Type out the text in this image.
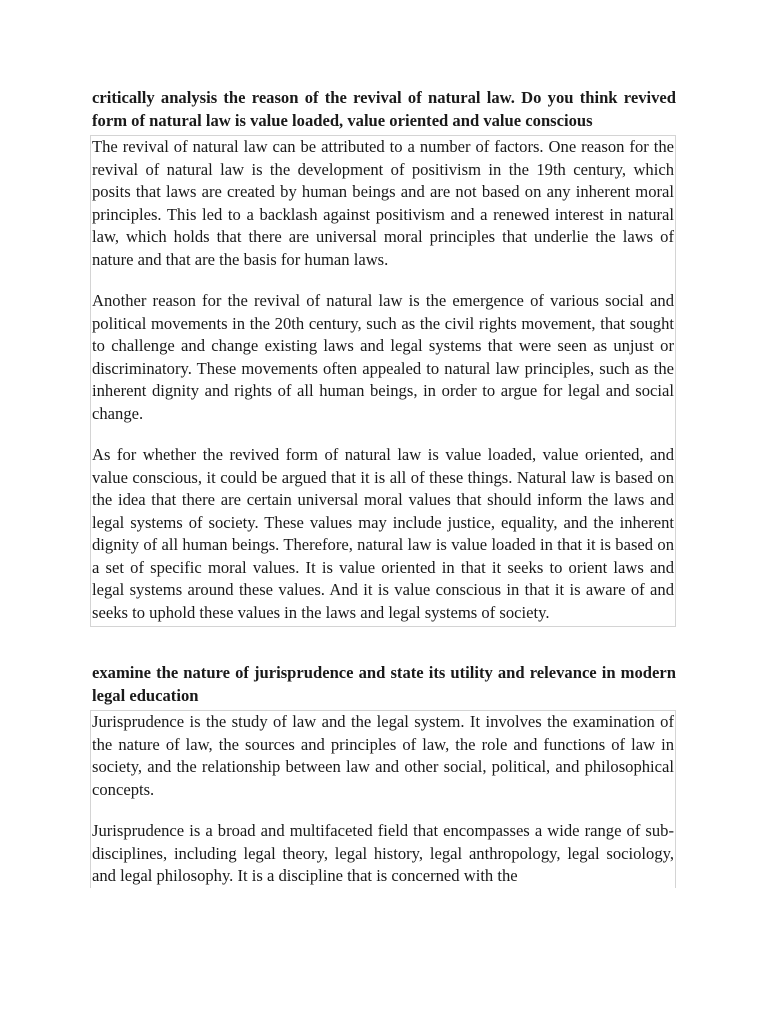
critically analysis the reason of the revival of natural law. Do you think revived form of natural law is value loaded, value oriented and value conscious

The revival of natural law can be attributed to a number of factors. One reason for the revival of natural law is the development of positivism in the 19th century, which posits that laws are created by human beings and are not based on any inherent moral principles. This led to a backlash against positivism and a renewed interest in natural law, which holds that there are universal moral principles that underlie the laws of nature and that are the basis for human laws.

Another reason for the revival of natural law is the emergence of various social and political movements in the 20th century, such as the civil rights movement, that sought to challenge and change existing laws and legal systems that were seen as unjust or discriminatory. These movements often appealed to natural law principles, such as the inherent dignity and rights of all human beings, in order to argue for legal and social change.

As for whether the revived form of natural law is value loaded, value oriented, and value conscious, it could be argued that it is all of these things. Natural law is based on the idea that there are certain universal moral values that should inform the laws and legal systems of society. These values may include justice, equality, and the inherent dignity of all human beings. Therefore, natural law is value loaded in that it is based on a set of specific moral values. It is value oriented in that it seeks to orient laws and legal systems around these values. And it is value conscious in that it is aware of and seeks to uphold these values in the laws and legal systems of society.

examine the nature of jurisprudence and state its utility and relevance in modern legal education

Jurisprudence is the study of law and the legal system. It involves the examination of the nature of law, the sources and principles of law, the role and functions of law in society, and the relationship between law and other social, political, and philosophical concepts.

Jurisprudence is a broad and multifaceted field that encompasses a wide range of sub-disciplines, including legal theory, legal history, legal anthropology, legal sociology, and legal philosophy. It is a discipline that is concerned with the
